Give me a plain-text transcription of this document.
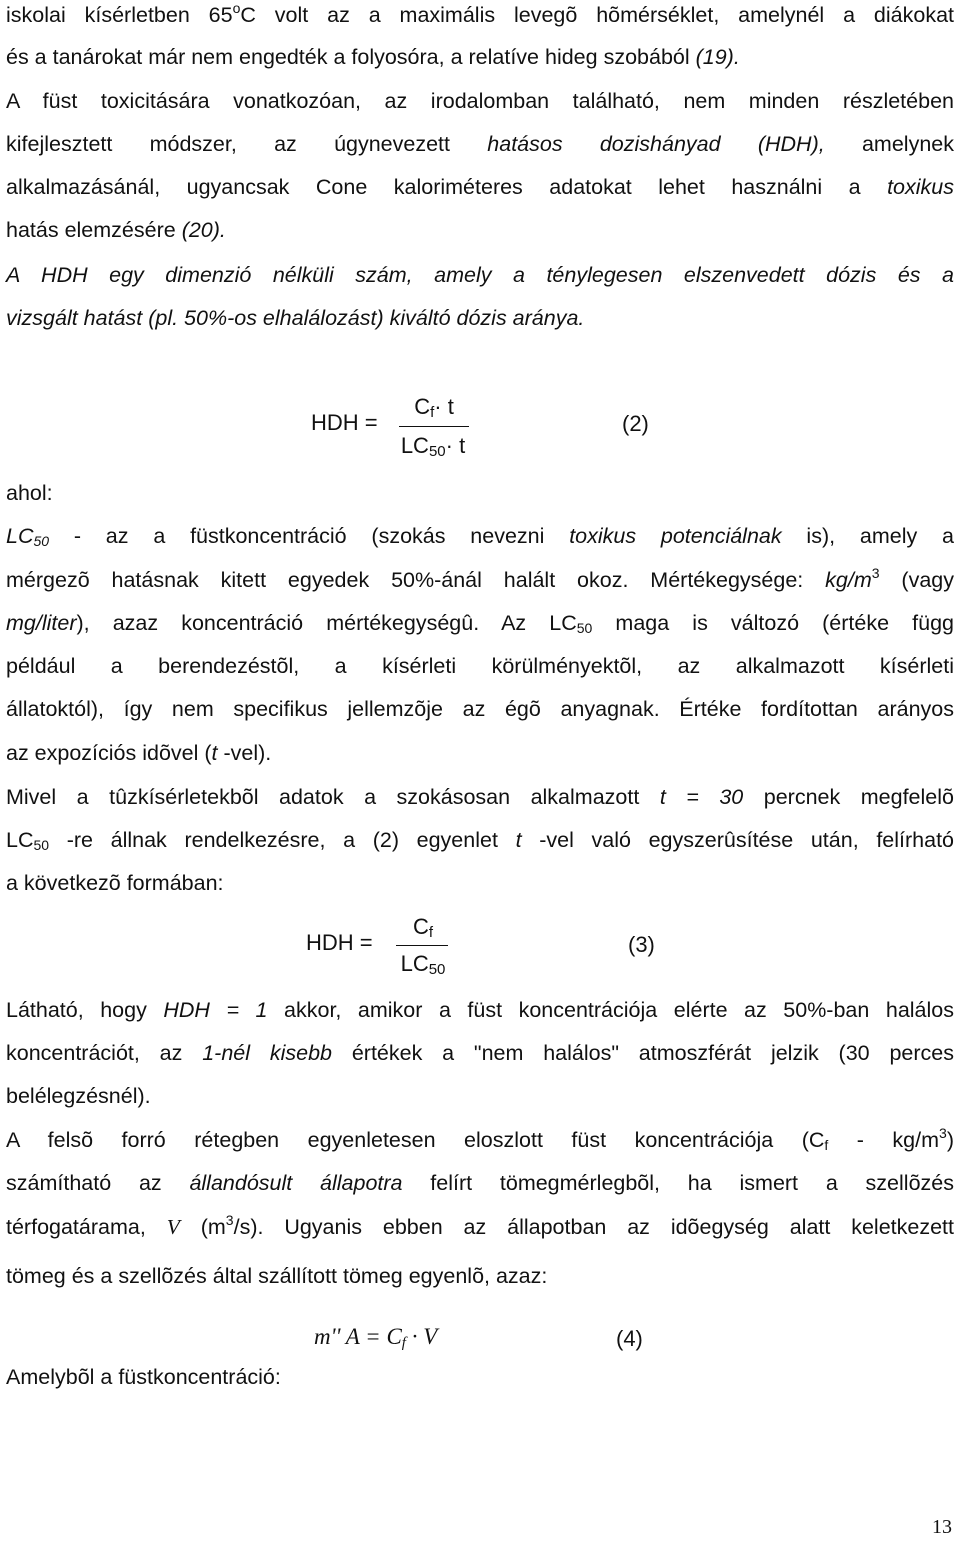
iskolai kísérletben 65$^o$C volt az a maximális levegõ hõmérséklet, amelynél a diákokat
és a tanárokat már nem engedték a folyosóra, a relatíve hideg szobából (19).
A füst toxicitására vonatkozóan, az irodalomban található, nem minden részletében
kifejlesztett módszer, az úgynevezett hatásos dozishányad (HDH), amelynek
alkalmazásánál, ugyancsak Cone kaloriméteres adatokat lehet használni a toxikus
hatás elemzésére (20).
A HDH egy dimenzió nélküli szám, amely a ténylegesen elszenvedett dózis és a
vizsgált hatást (pl. 50%-os elhalálozást) kiváltó dózis aránya.
HDH =
$C_f\cdot t$
$LC_{50}\cdot t$
(2)
ahol:
$LC_{50}$ - az a füstkoncentráció (szokás nevezni toxikus potenciálnak is), amely a
mérgezõ hatásnak kitett egyedek 50%-ánál halált okoz. Mértékegysége: $kg/m^3$ (vagy
mg/liter), azaz koncentráció mértékegységû. Az $LC_{50}$ maga is változó (értéke függ
például a berendezéstõl, a kísérleti körülményektõl, az alkalmazott kísérleti
állatoktól), így nem specifikus jellemzõje az égõ anyagnak. Értéke fordítottan arányos
az expozíciós idõvel (t -vel).
Mivel a tûzkísérletekbõl adatok a szokásosan alkalmazott t = 30 percnek megfelelõ
$LC_{50}$ -re állnak rendelkezésre, a (2) egyenlet t -vel való egyszerûsítése után, felírható
a következõ formában:
HDH =
$C_f$
$LC_{50}$
(3)
Látható, hogy HDH = 1 akkor, amikor a füst koncentrációja elérte az 50%-ban halálos
koncentrációt, az 1-nél kisebb értékek a "nem halálos" atmoszférát jelzik (30 perces
belélegzésnél).
A felsõ forró rétegben egyenletesen eloszlott füst koncentrációja $(C_f - kg/m^3)$
számítható az állandósult állapotra felírt tömegmérlegbõl, ha ismert a szellõzés
térfogatárama, V $(m^3/s)$. Ugyanis ebben az állapotban az idõegység alatt keletkezett
tömeg és a szellõzés által szállított tömeg egyenlõ, azaz:
m'' $A = C_f \cdot V$	(4)
Amelybõl a füstkoncentráció:
13
